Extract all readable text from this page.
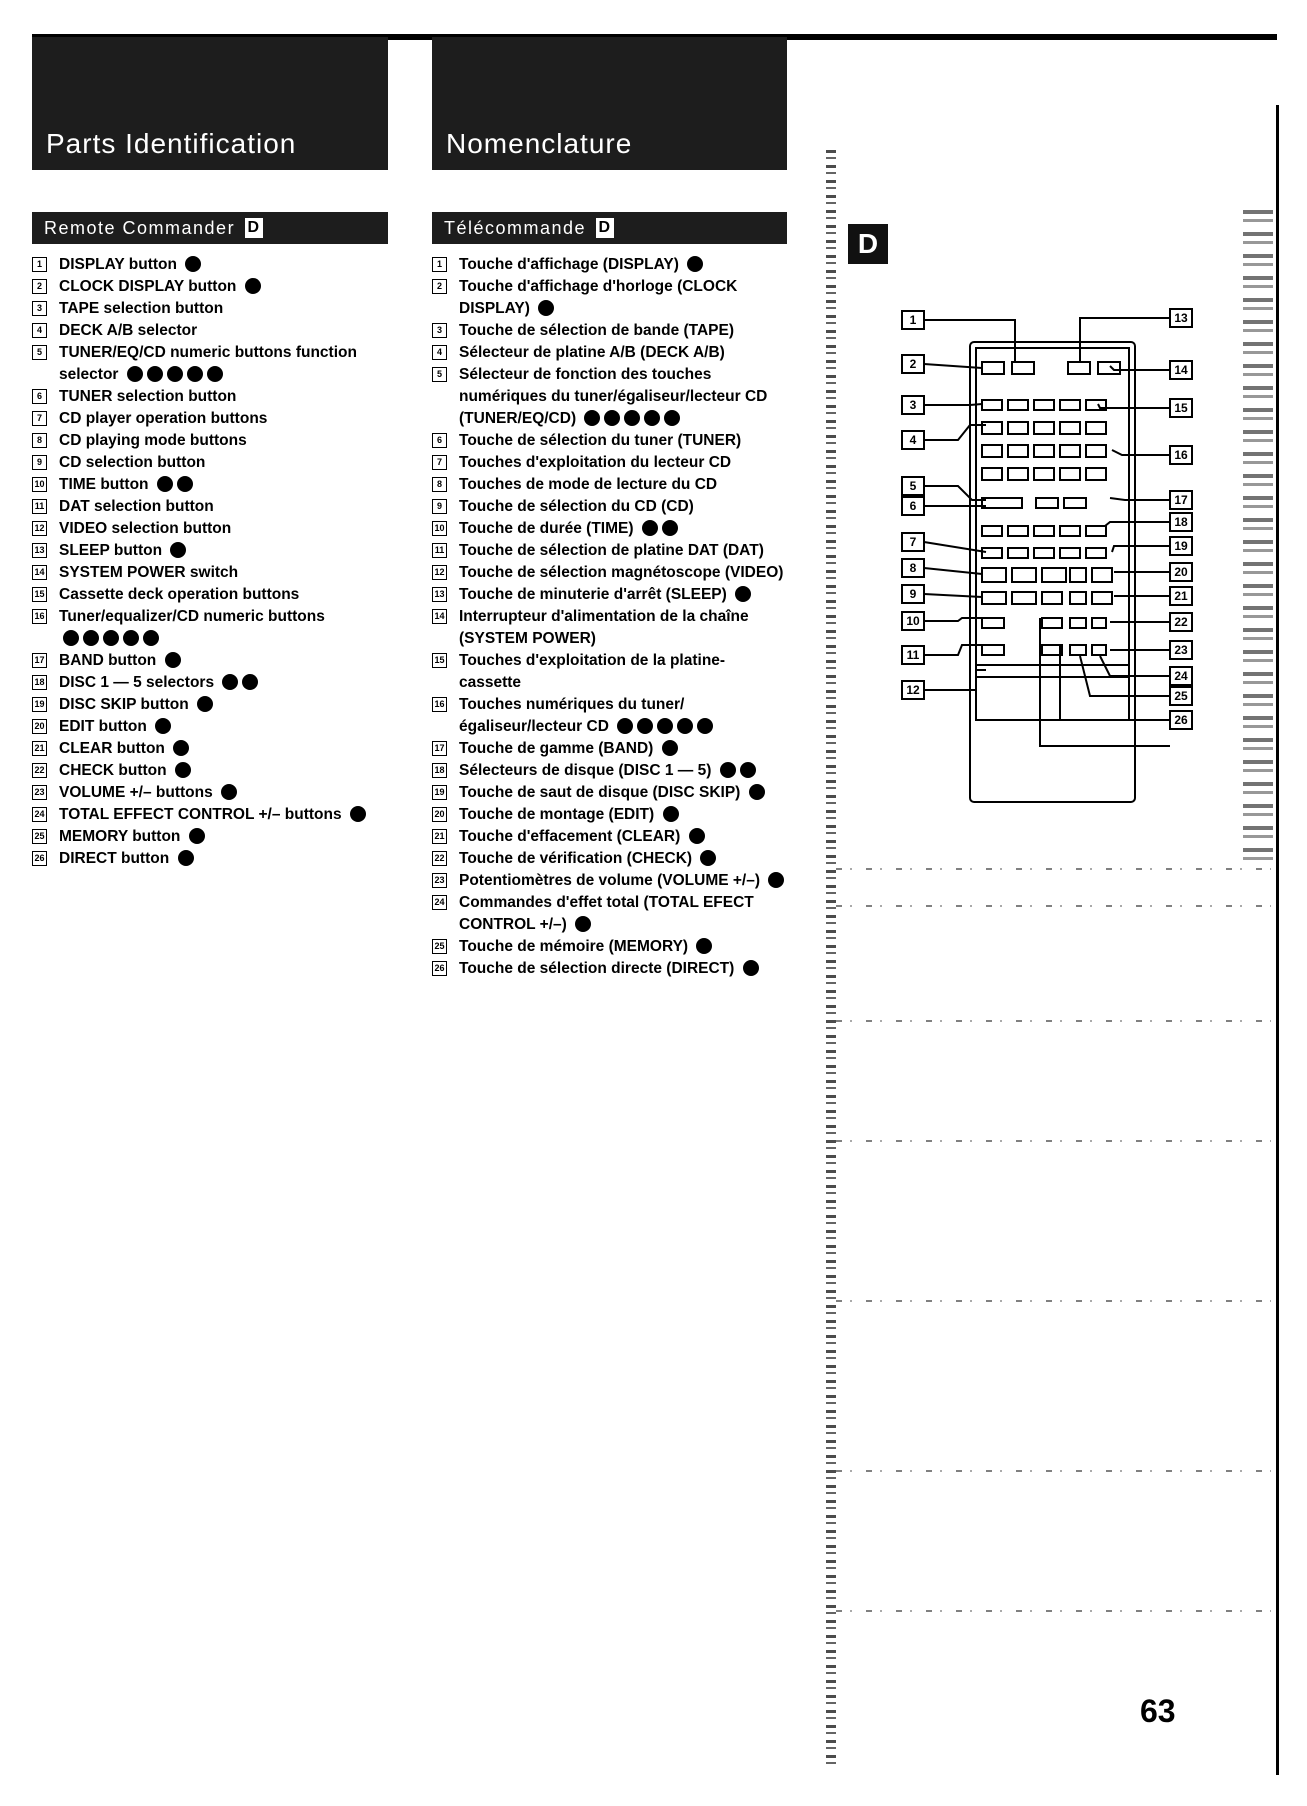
Parts Identification	Nomenclature
Remote Commander D	Télécommande D
1	DISPLAY button
2	CLOCK DISPLAY button
3	TAPE selection button
4	DECK A/B selector
5	TUNER/EQ/CD numeric buttons function selector
6	TUNER selection button
7	CD player operation buttons
8	CD playing mode buttons
9	CD selection button
10 TIME button
11 DAT selection button
12 VIDEO selection button
13 SLEEP button
14 SYSTEM POWER switch
15 Cassette deck operation buttons
16 Tuner/equalizer/CD numeric buttons
17 BAND button
18 DISC 1 — 5 selectors
19 DISC SKIP button
20 EDIT button
21 CLEAR button
22 CHECK button
23 VOLUME +/– buttons
24 TOTAL EFFECT CONTROL +/– buttons
25 MEMORY button
26 DIRECT button
1	Touche d'affichage (DISPLAY)
2	Touche d'affichage d'horloge (CLOCK DISPLAY)
3	Touche de sélection de bande (TAPE)
4	Sélecteur de platine A/B (DECK A/B)
5	Sélecteur de fonction des touches numériques du tuner/égaliseur/lecteur CD (TUNER/EQ/CD)
6	Touche de sélection du tuner (TUNER)
7	Touches d'exploitation du lecteur CD
8	Touches de mode de lecture du CD
9	Touche de sélection du CD (CD)
10 Touche de durée (TIME)
11 Touche de sélection de platine DAT (DAT)
12 Touche de sélection magnétoscope (VIDEO)
13 Touche de minuterie d'arrêt (SLEEP)
14 Interrupteur d'alimentation de la chaîne (SYSTEM POWER)
15 Touches d'exploitation de la platine-cassette
16 Touches numériques du tuner/égaliseur/lecteur CD
17 Touche de gamme (BAND)
18 Sélecteurs de disque (DISC 1 — 5)
19 Touche de saut de disque (DISC SKIP)
20 Touche de montage (EDIT)
21 Touche d'effacement (CLEAR)
22 Touche de vérification (CHECK)
23 Potentiomètres de volume (VOLUME +/–)
24 Commandes d'effet total (TOTAL EFECT CONTROL +/–)
25 Touche de mémoire (MEMORY)
26 Touche de sélection directe (DIRECT)
D
1
2
3
4
5
6
7
8
9
10
11
12
13
14
15
16
17
18
19
20
21
22
23
24
25
26
63
